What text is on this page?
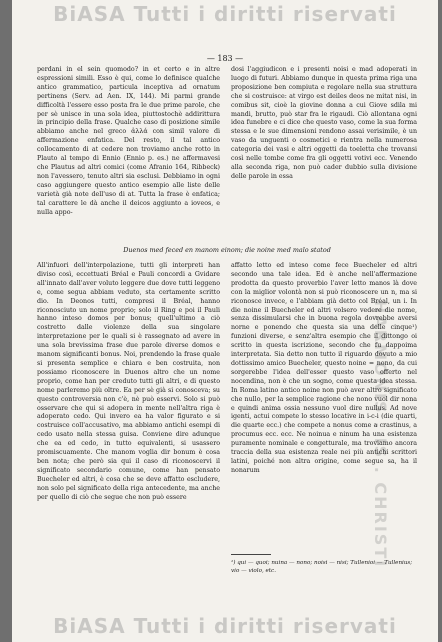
BiASA Tutti i diritti riservati
HARMONIS . IS . CHRISTI
— 183 —

perdani in el sein quomodo? in et certo e in altre espressioni simili. Esso è qui, come lo definisce qualche antico grammatico, particula inceptiva ad ornatum pertinens (Serv. ad Aen. IX, 144). Mi parmi grande difficoltà l'essere esso posta fra le due prime parole, che per sè unisce in una sola idea, piuttostochè addirittura in principio della frase. Qualche caso di posizione simile abbiamo anche nel greco ἀλλά con simil valore di affermazione enfatica. Del resto, il tal antico collocamento di at cedere non troviamo anche rotto in Plauto al tempo di Ennio (Ennio p. es.) ne affermavesi che Plautus ad altri comici (come Afranio 164, Ribbeck) non l'avessero, tenuto altri sia esclusi. Debbiamo in ogni caso aggiungere questo antico esempio alle liste delle varietà già note dell'uso di at. Tutta la frase è enfatica; tal carattere le dà anche il deicos aggiunto a ioveos, e nulla appo-

dosi l'aggiudicon e i presenti noisi e mad adoperati in luogo di futuri. Abbiamo dunque in questa prima riga una proposizione ben compiuta e regolare nella sua struttura che si costruisce: at virgo est deiles deos ne mitat nisi, in comibus sit, cioè la giovine donna a cui Giove sdila mi mandi, brutto, può star fra le rigaudi. Ciò allontana ogni idea funebre e ci dice che questo vaso, come la sua forma stessa e le sue dimensioni rendono assai verisimile, è un vaso da unguenti o cosmetici e rientra nella numerosa categoria dei vasi e altri oggetti da toeletta che trovansi così nelle tombe come fra gli oggetti votivi ecc. Venendo alla seconda riga, non può cader dubbio sulla divisione delle parole in essa

Duenos med feced en manom einom; die noine med malo statod

All'infuori dell'interpolazione, tutti gli interpreti han diviso così, eccettuati Bréal e Pauli concordi a Gvidare all'innato dall'aver voluto leggere due dove tutti leggeno e, come segua abbiam veduto, sta certamente scritto dio. In Deonos tutti, compresi il Bréal, hanno riconosciuto un nome proprio; solo il Ring e poi il Pauli hanno inteso domos per bonus; quell'ultimo a ciò costretto dalle violenze della sua singolare interpretazione per le quali si è rassegnato ad avere in una sola brevissima frase due parole diverse domos e manom significanti bonus. Noi, prendendo la frase quale si presenta semplice e chiara e ben costruita, non possiamo riconoscere in Duenos altro che un nome proprio, come han per creduto tutti gli altri, e di questo nome parleremo più oltre. Ea per sè già si conosceva; su questo controversia non c'è, nè può esservi. Solo si può osservare che qui si adopera in mente nell'altra riga è adoperato cedo. Qui invero ea ha valor figurato e si costruisce coll'accusativo, ma abbiamo antichi esempi di cedo usato nella stessa guisa. Conviene dire adunque che ea ed cedo, in tutto equivalenti, si usassero promiscuamente. Che manom voglia dir bonum è cosa ben nota; che però sia qui il caso di riconoscervi il significato secondario comune, come han pensato Buecheler ed altri, è cosa che se deve affatto escludere, non solo pel significato della riga antecedente, ma anche per quello di ciò che segue che non può essere

affatto letto ed inteso come fece Buecheler ed altri secondo una tale idea. Ed è anche nell'affermazione prodotta da questo proverbio l'aver letto manos là dove con la miglior volontà non si può riconoscere un n, ma si riconosce invece, e l'abbiam già detto col Bréal, un i. In die noine il Buecheler ed altri volsero vedere die nome, senza dissimularsi che in buona regola dovrebbe aversi norne e ponendo che questa sia una delle cinque¹) funzioni diverse, e senz'altra esempio che il dittongo oi scritto in questa iscrizione, secondo che fu dappoima interpretata. Sia detto non tutto il riguardo dovuto a mio dottissimo amico Buecheler, questo noine = nono, da cui sorgerebbe l'idea dell'esser questo vaso offerto nel nocendina, non è che un sogno, come questa idea stessa. In Roma latino antico noine non può aver altro significato che nullo, per la semplice ragione che nono vuol dir nona e quindi anima ossia nessuno vuol dire nullus. Ad nove igenti, actui compete lo stesso locative in i-c-i (die quarti, die quarte ecc.) che compete a nonus come a crastinus, a procumus ecc. ecc. Ne noinua e ninum ha una esistenza puramente nominale e congetturale, ma troviamo ancora traccia della sua esistenza reale nei più antichi scrittori latini, poiché non altra origine, come segue sa, ha il nonarum

¹) qui — quoi; nuina — nono; noisi — nisi; Tullenioi — Tullenius; vio — violo, etc.
BiASA Tutti i diritti riservati
